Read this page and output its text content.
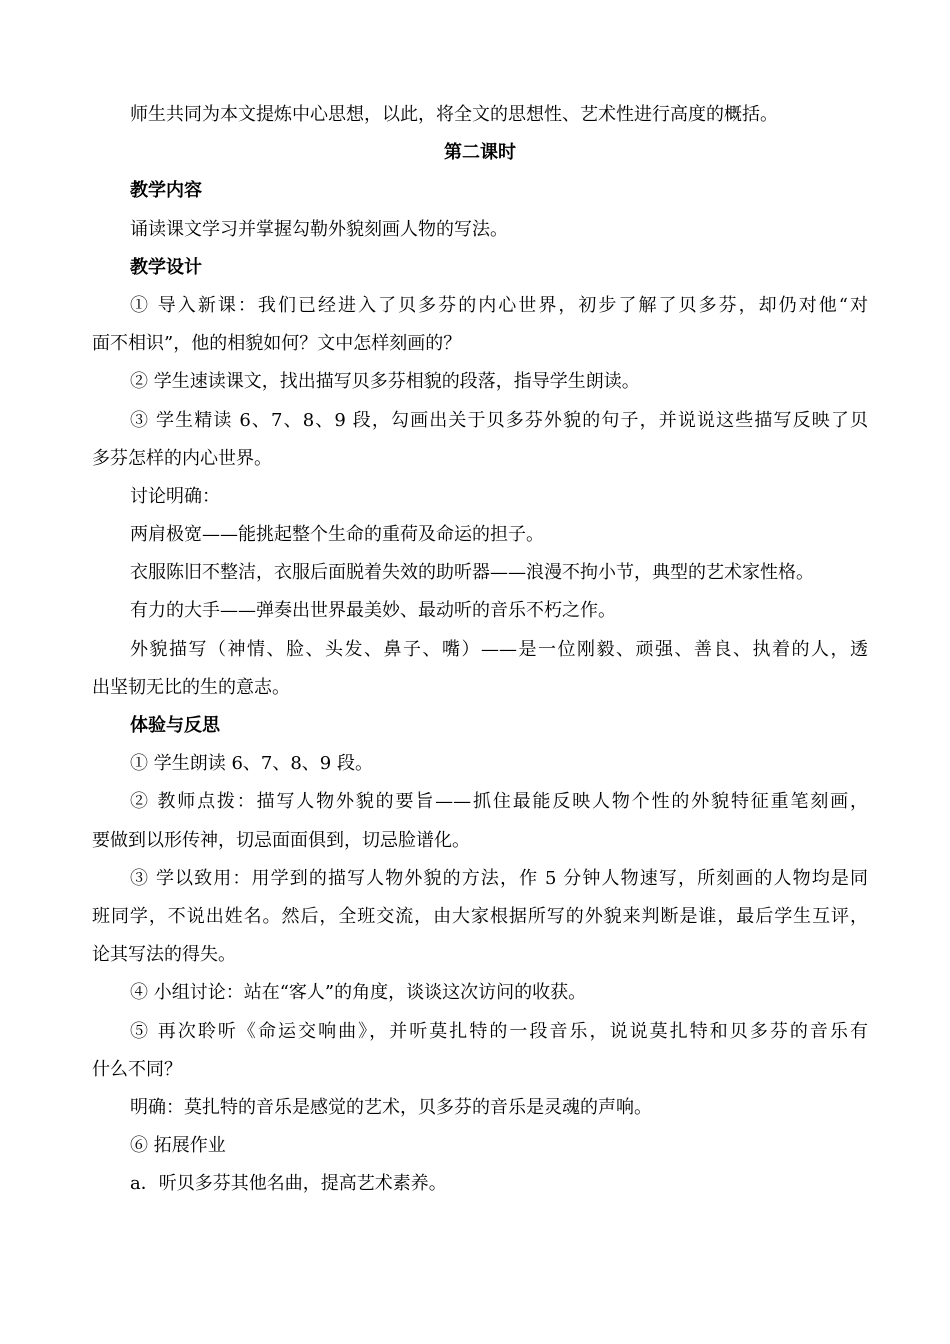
师生共同为本文提炼中心思想，以此，将全文的思想性、艺术性进行高度的概括。
第二课时
教学内容
诵读课文学习并掌握勾勒外貌刻画人物的写法。
教学设计
① 导入新课：我们已经进入了贝多芬的内心世界，初步了解了贝多芬，却仍对他“对
面不相识”，他的相貌如何？文中怎样刻画的？
② 学生速读课文，找出描写贝多芬相貌的段落，指导学生朗读。
③ 学生精读 6、7、8、9 段，勾画出关于贝多芬外貌的句子，并说说这些描写反映了贝
多芬怎样的内心世界。
讨论明确：
两肩极宽——能挑起整个生命的重荷及命运的担子。
衣服陈旧不整洁，衣服后面脱着失效的助听器——浪漫不拘小节，典型的艺术家性格。
有力的大手——弹奏出世界最美妙、最动听的音乐不朽之作。
外貌描写（神情、脸、头发、鼻子、嘴）——是一位刚毅、顽强、善良、执着的人，透
出坚韧无比的生的意志。
体验与反思
① 学生朗读 6、7、8、9 段。
② 教师点拨：描写人物外貌的要旨——抓住最能反映人物个性的外貌特征重笔刻画，
要做到以形传神，切忌面面俱到，切忌脸谱化。
③ 学以致用：用学到的描写人物外貌的方法，作 5 分钟人物速写，所刻画的人物均是同
班同学，不说出姓名。然后，全班交流，由大家根据所写的外貌来判断是谁，最后学生互评，
论其写法的得失。
④ 小组讨论：站在“客人”的角度，谈谈这次访问的收获。
⑤ 再次聆听《命运交响曲》，并听莫扎特的一段音乐，说说莫扎特和贝多芬的音乐有
什么不同？
明确：莫扎特的音乐是感觉的艺术，贝多芬的音乐是灵魂的声响。
⑥ 拓展作业
a．听贝多芬其他名曲，提高艺术素养。
